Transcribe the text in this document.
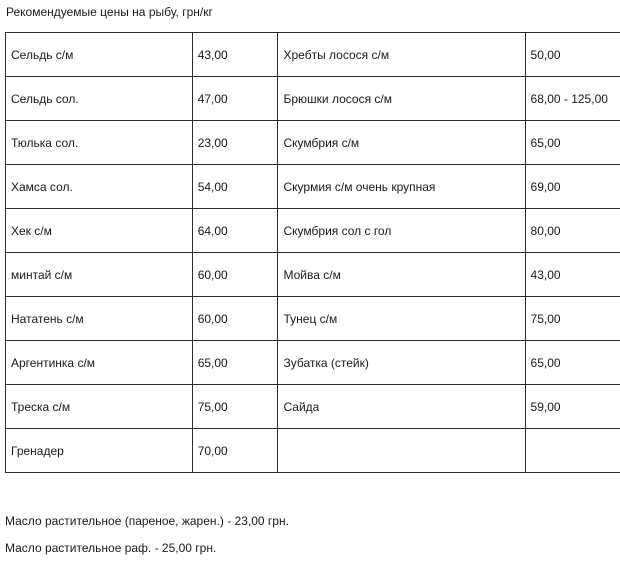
Рекомендуемые цены на рыбу, грн/кг
Сельдь с/м	43,00	Хребты лосося с/м	50,00
Сельдь сол.	47,00	Брюшки лосося с/м	68,00 - 125,00
Тюлька сол.	23,00	Скумбрия с/м	65,00
Хамса сол.	54,00	Скурмия с/м очень крупная	69,00
Хек с/м	64,00	Скумбрия сол с гол	80,00
минтай с/м	60,00	Мойва с/м	43,00
Нататень с/м	60,00	Тунец с/м	75,00
Аргентинка с/м	65,00	Зубатка (стейк)	65,00
Треска с/м	75,00	Сайда	59,00
Гренадер	70,00		
Масло растительное (пареное, жарен.) - 23,00 грн.
Масло растительное раф. - 25,00 грн.
